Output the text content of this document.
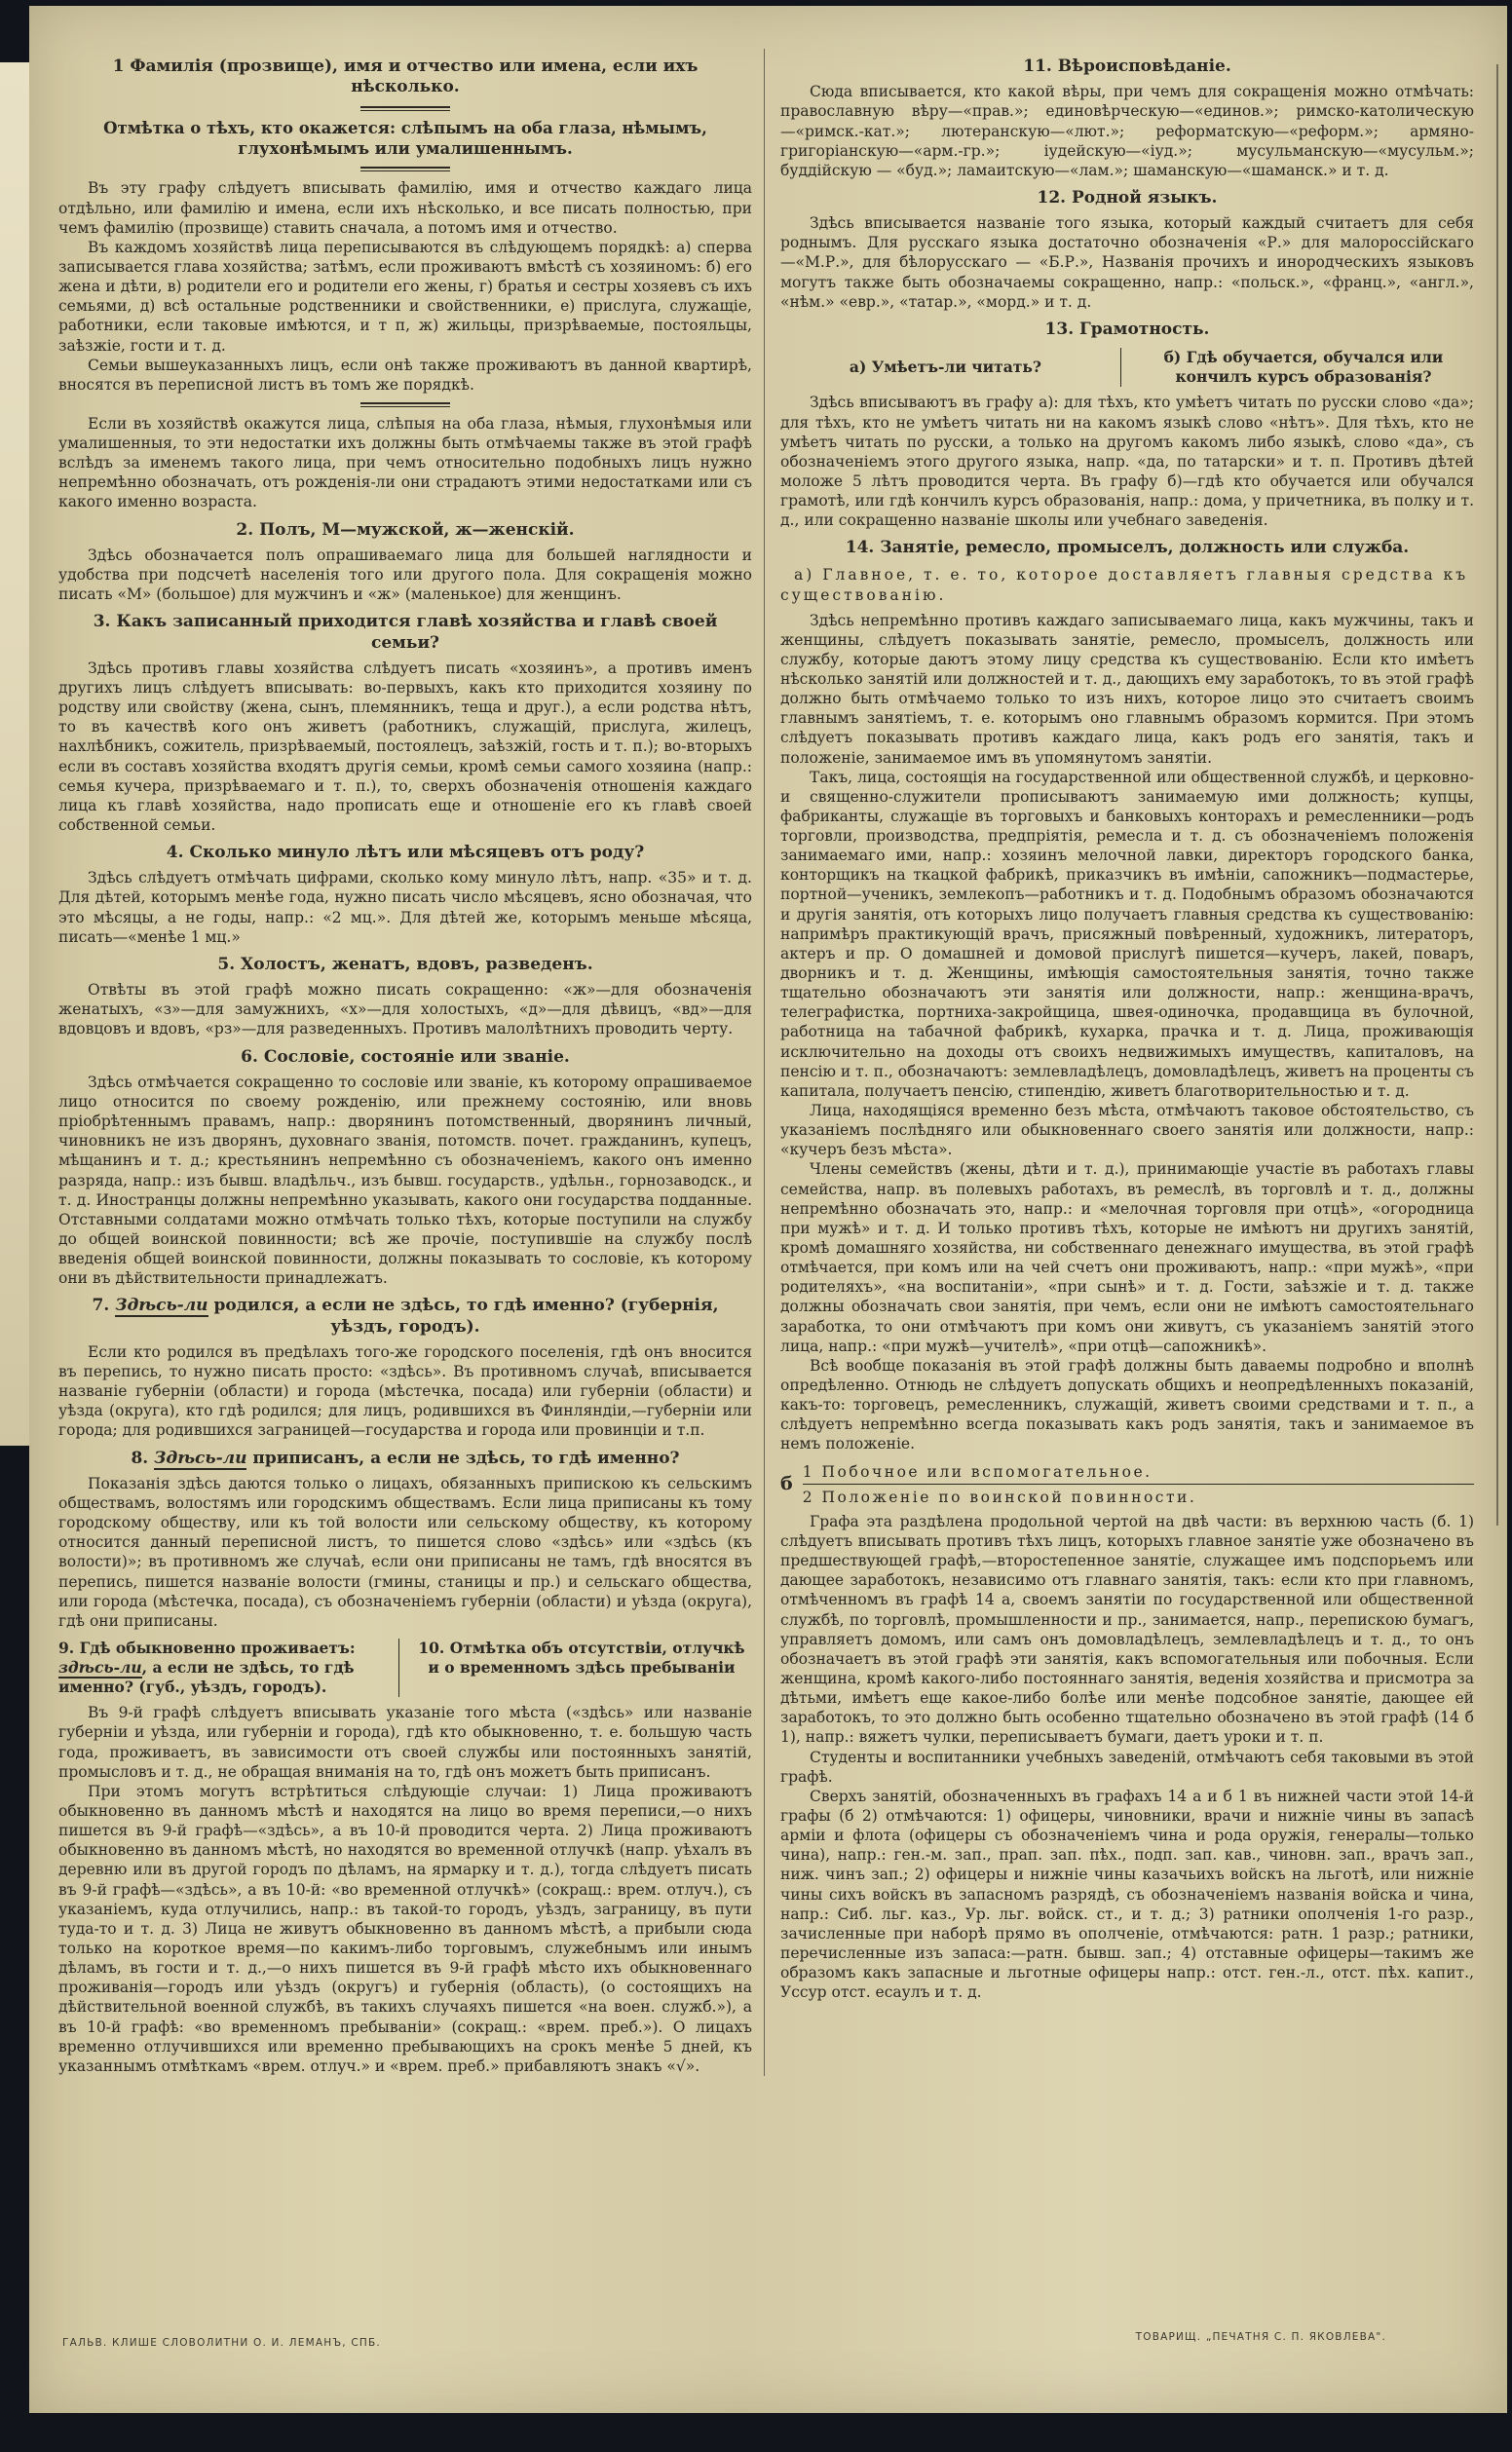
1 Фамилія (прозвище), имя и отчество или имена, если ихъ нѣсколько.
Отмѣтка о тѣхъ, кто окажется: слѣпымъ на оба глаза, нѣмымъ, глухонѣмымъ или умалишеннымъ.

Въ эту графу слѣдуетъ вписывать фамилію, имя и отчество каждаго лица отдѣльно, или фамилію и имена, если ихъ нѣсколько, и все писать полностью, при чемъ фамилію (прозвище) ставить сначала, а потомъ имя и отчество.

Въ каждомъ хозяйствѣ лица переписываются въ слѣдующемъ порядкѣ: а) сперва записывается глава хозяйства; затѣмъ, если проживаютъ вмѣстѣ съ хозяиномъ: б) его жена и дѣти, в) родители его и родители его жены, г) братья и сестры хозяевъ съ ихъ семьями, д) всѣ остальные родственники и свойственники, е) прислуга, служащіе, работники, если таковые имѣются, и т п, ж) жильцы, призрѣваемые, постояльцы, заѣзжіе, гости и т. д.

Семьи вышеуказанныхъ лицъ, если онѣ также проживаютъ въ данной квартирѣ, вносятся въ переписной листъ въ томъ же порядкѣ.

Если въ хозяйствѣ окажутся лица, слѣпыя на оба глаза, нѣмыя, глухонѣмыя или умалишенныя, то эти недостатки ихъ должны быть отмѣчаемы также въ этой графѣ вслѣдъ за именемъ такого лица, при чемъ относительно подобныхъ лицъ нужно непремѣнно обозначать, отъ рожденія-ли они страдаютъ этими недостатками или съ какого именно возраста.

2. Полъ, М—мужской, ж—женскій.

Здѣсь обозначается полъ опрашиваемаго лица для большей наглядности и удобства при подсчетѣ населенія того или другого пола. Для сокращенія можно писать «М» (большое) для мужчинъ и «ж» (маленькое) для женщинъ.

3. Какъ записанный приходится главѣ хозяйства и главѣ своей семьи?

Здѣсь противъ главы хозяйства слѣдуетъ писать «хозяинъ», а противъ именъ другихъ лицъ слѣдуетъ вписывать: во-первыхъ, какъ кто приходится хозяину по родству или свойству (жена, сынъ, племянникъ, теща и друг.), а если родства нѣтъ, то въ качествѣ кого онъ живетъ (работникъ, служащій, прислуга, жилецъ, нахлѣбникъ, сожитель, призрѣваемый, постоялецъ, заѣзжій, гость и т. п.); во-вторыхъ если въ составъ хозяйства входятъ другія семьи, кромѣ семьи самого хозяина (напр.: семья кучера, призрѣваемаго и т. п.), то, сверхъ обозначенія отношенія каждаго лица къ главѣ хозяйства, надо прописать еще и отношеніе его къ главѣ своей собственной семьи.

4. Сколько минуло лѣтъ или мѣсяцевъ отъ роду?

Здѣсь слѣдуетъ отмѣчать цифрами, сколько кому минуло лѣтъ, напр. «35» и т. д. Для дѣтей, которымъ менѣе года, нужно писать число мѣсяцевъ, ясно обозначая, что это мѣсяцы, а не годы, напр.: «2 мц.». Для дѣтей же, которымъ меньше мѣсяца, писать—«менѣе 1 мц.»

5. Холостъ, женатъ, вдовъ, разведенъ.

Отвѣты въ этой графѣ можно писать сокращенно: «ж»—для обозначенія женатыхъ, «з»—для замужнихъ, «х»—для холостыхъ, «д»—для дѣвицъ, «вд»—для вдовцовъ и вдовъ, «рз»—для разведенныхъ. Противъ малолѣтнихъ проводить черту.

6. Сословіе, состояніе или званіе.

Здѣсь отмѣчается сокращенно то сословіе или званіе, къ которому опрашиваемое лицо относится по своему рожденію, или прежнему состоянію, или вновь пріобрѣтеннымъ правамъ, напр.: дворянинъ потомственный, дворянинъ личный, чиновникъ не изъ дворянъ, духовнаго званія, потомств. почет. гражданинъ, купецъ, мѣщанинъ и т. д.; крестьянинъ непремѣнно съ обозначеніемъ, какого онъ именно разряда, напр.: изъ бывш. владѣльч., изъ бывш. государств., удѣльн., горнозаводск., и т. д. Иностранцы должны непремѣнно указывать, какого они государства подданные. Отставными солдатами можно отмѣчать только тѣхъ, которые поступили на службу до общей воинской повинности; всѣ же прочіе, поступившіе на службу послѣ введенія общей воинской повинности, должны показывать то сословіе, къ которому они въ дѣйствительности принадлежатъ.

7. Здѣсь-ли родился, а если не здѣсь, то гдѣ именно? (губернія, уѣздъ, городъ).

Если кто родился въ предѣлахъ того-же городского поселенія, гдѣ онъ вносится въ перепись, то нужно писать просто: «здѣсь». Въ противномъ случаѣ, вписывается названіе губерніи (области) и города (мѣстечка, посада) или губерніи (области) и уѣзда (округа), кто гдѣ родился; для лицъ, родившихся въ Финляндіи,—губерніи или города; для родившихся заграницей—государства и города или провинціи и т.п.

8. Здѣсь-ли приписанъ, а если не здѣсь, то гдѣ именно?

Показанія здѣсь даются только о лицахъ, обязанныхъ припискою къ сельскимъ обществамъ, волостямъ или городскимъ обществамъ. Если лица приписаны къ тому городскому обществу, или къ той волости или сельскому обществу, къ которому относится данный переписной листъ, то пишется слово «здѣсь» или «здѣсь (къ волости)»; въ противномъ же случаѣ, если они приписаны не тамъ, гдѣ вносятся въ перепись, пишется названіе волости (гмины, станицы и пр.) и сельскаго общества, или города (мѣстечка, посада), съ обозначеніемъ губерніи (области) и уѣзда (округа), гдѣ они приписаны.

9. Гдѣ обыкновенно проживаетъ: здѣсь-ли, а если не здѣсь, то гдѣ именно? (губ., уѣздъ, городъ).
10. Отмѣтка объ отсутствіи, отлучкѣ и о временномъ здѣсь пребываніи

Въ 9-й графѣ слѣдуетъ вписывать указаніе того мѣста («здѣсь» или названіе губерніи и уѣзда, или губерніи и города), гдѣ кто обыкновенно, т. е. большую часть года, проживаетъ, въ зависимости отъ своей службы или постоянныхъ занятій, промысловъ и т. д., не обращая вниманія на то, гдѣ онъ можетъ быть приписанъ.

При этомъ могутъ встрѣтиться слѣдующіе случаи: 1) Лица проживаютъ обыкновенно въ данномъ мѣстѣ и находятся на лицо во время переписи,—о нихъ пишется въ 9-й графѣ—«здѣсь», а въ 10-й проводится черта. 2) Лица проживаютъ обыкновенно въ данномъ мѣстѣ, но находятся во временной отлучкѣ (напр. уѣхалъ въ деревню или въ другой городъ по дѣламъ, на ярмарку и т. д.), тогда слѣдуетъ писать въ 9-й графѣ—«здѣсь», а въ 10-й: «во временной отлучкѣ» (сокращ.: врем. отлуч.), съ указаніемъ, куда отлучились, напр.: въ такой-то городъ, уѣздъ, заграницу, въ пути туда-то и т. д. 3) Лица не живутъ обыкновенно въ данномъ мѣстѣ, а прибыли сюда только на короткое время—по какимъ-либо торговымъ, служебнымъ или инымъ дѣламъ, въ гости и т. д.,—о нихъ пишется въ 9-й графѣ мѣсто ихъ обыкновеннаго проживанія—городъ или уѣздъ (округъ) и губернія (область), (о состоящихъ на дѣйствительной военной службѣ, въ такихъ случаяхъ пишется «на воен. служб.»), а въ 10-й графѣ: «во временномъ пребываніи» (сокращ.: «врем. преб.»). О лицахъ временно отлучившихся или временно пребывающихъ на срокъ менѣе 5 дней, къ указаннымъ отмѣткамъ «врем. отлуч.» и «врем. преб.» прибавляютъ знакъ «√».

11. Вѣроисповѣданіе.

Сюда вписывается, кто какой вѣры, при чемъ для сокращенія можно отмѣчать: православную вѣру—«прав.»; единовѣрческую—«единов.»; римско-католическую—«римск.-кат.»; лютеранскую—«лют.»; реформатскую—«реформ.»; армяно-григоріанскую—«арм.-гр.»; іудейскую—«іуд.»; мусульманскую—«мусульм.»; буддійскую — «буд.»; ламаитскую—«лам.»; шаманскую—«шаманск.» и т. д.

12. Родной языкъ.

Здѣсь вписывается названіе того языка, который каждый считаетъ для себя роднымъ. Для русскаго языка достаточно обозначенія «Р.» для малороссійскаго—«М.Р.», для бѣлорусскаго — «Б.Р.», Названія прочихъ и инородческихъ языковъ могутъ также быть обозначаемы сокращенно, напр.: «польск.», «франц.», «англ.», «нѣм.» «евр.», «татар.», «морд.» и т. д.

13. Грамотность.
а) Умѣетъ-ли читать?
б) Гдѣ обучается, обучался или кончилъ курсъ образованія?

Здѣсь вписываютъ въ графу а): для тѣхъ, кто умѣетъ читать по русски слово «да»; для тѣхъ, кто не умѣетъ читать ни на какомъ языкѣ слово «нѣтъ». Для тѣхъ, кто не умѣетъ читать по русски, а только на другомъ какомъ либо языкѣ, слово «да», съ обозначеніемъ этого другого языка, напр. «да, по татарски» и т. п. Противъ дѣтей моложе 5 лѣтъ проводится черта. Въ графу б)—гдѣ кто обучается или обучался грамотѣ, или гдѣ кончилъ курсъ образованія, напр.: дома, у причетника, въ полку и т. д., или сокращенно названіе школы или учебнаго заведенія.

14. Занятіе, ремесло, промыселъ, должность или служба.
а) Главное, т. е. то, которое доставляетъ главныя средства къ существованію.

Здѣсь непремѣнно противъ каждаго записываемаго лица, какъ мужчины, такъ и женщины, слѣдуетъ показывать занятіе, ремесло, промыселъ, должность или службу, которые даютъ этому лицу средства къ существованію. Если кто имѣетъ нѣсколько занятій или должностей и т. д., дающихъ ему заработокъ, то въ этой графѣ должно быть отмѣчаемо только то изъ нихъ, которое лицо это считаетъ своимъ главнымъ занятіемъ, т. е. которымъ оно главнымъ образомъ кормится. При этомъ слѣдуетъ показывать противъ каждаго лица, какъ родъ его занятія, такъ и положеніе, занимаемое имъ въ упомянутомъ занятіи.

Такъ, лица, состоящія на государственной или общественной службѣ, и церковно-и священно-служители прописываютъ занимаемую ими должность; купцы, фабриканты, служащіе въ торговыхъ и банковыхъ конторахъ и ремесленники—родъ торговли, производства, предпріятія, ремесла и т. д. съ обозначеніемъ положенія занимаемаго ими, напр.: хозяинъ мелочной лавки, директоръ городского банка, конторщикъ на ткацкой фабрикѣ, приказчикъ въ имѣніи, сапожникъ—подмастерье, портной—ученикъ, землекопъ—работникъ и т. д. Подобнымъ образомъ обозначаются и другія занятія, отъ которыхъ лицо получаетъ главныя средства къ существованію: напримѣръ практикующій врачъ, присяжный повѣренный, художникъ, литераторъ, актеръ и пр. О домашней и домовой прислугѣ пишется—кучеръ, лакей, поваръ, дворникъ и т. д. Женщины, имѣющія самостоятельныя занятія, точно также тщательно обозначаютъ эти занятія или должности, напр.: женщина-врачъ, телеграфистка, портниха-закройщица, швея-одиночка, продавщица въ булочной, работница на табачной фабрикѣ, кухарка, прачка и т. д. Лица, проживающія исключительно на доходы отъ своихъ недвижимыхъ имуществъ, капиталовъ, на пенсію и т. п., обозначаютъ: землевладѣлецъ, домовладѣлецъ, живетъ на проценты съ капитала, получаетъ пенсію, стипендію, живетъ благотворительностью и т. д.

Лица, находящіяся временно безъ мѣста, отмѣчаютъ таковое обстоятельство, съ указаніемъ послѣдняго или обыкновеннаго своего занятія или должности, напр.: «кучеръ безъ мѣста».

Члены семействъ (жены, дѣти и т. д.), принимающіе участіе въ работахъ главы семейства, напр. въ полевыхъ работахъ, въ ремеслѣ, въ торговлѣ и т. д., должны непремѣнно обозначать это, напр.: и «мелочная торговля при отцѣ», «огородница при мужѣ» и т. д. И только противъ тѣхъ, которые не имѣютъ ни другихъ занятій, кромѣ домашняго хозяйства, ни собственнаго денежнаго имущества, въ этой графѣ отмѣчается, при комъ или на чей счетъ они проживаютъ, напр.: «при мужѣ», «при родителяхъ», «на воспитаніи», «при сынѣ» и т. д. Гости, заѣзжіе и т. д. также должны обозначать свои занятія, при чемъ, если они не имѣютъ самостоятельнаго заработка, то они отмѣчаютъ при комъ они живутъ, съ указаніемъ занятій этого лица, напр.: «при мужѣ—учителѣ», «при отцѣ—сапожникѣ».

Всѣ вообще показанія въ этой графѣ должны быть даваемы подробно и вполнѣ опредѣленно. Отнюдь не слѣдуетъ допускать общихъ и неопредѣленныхъ показаній, какъ-то: торговецъ, ремесленникъ, служащій, живетъ своими средствами и т. п., а слѣдуетъ непремѣнно всегда показывать какъ родъ занятія, такъ и занимаемое въ немъ положеніе.

б
1 Побочное или вспомогательное.
2 Положеніе по воинской повинности.

Графа эта раздѣлена продольной чертой на двѣ части: въ верхнюю часть (б. 1) слѣдуетъ вписывать противъ тѣхъ лицъ, которыхъ главное занятіе уже обозначено въ предшествующей графѣ,—второстепенное занятіе, служащее имъ подспорьемъ или дающее заработокъ, независимо отъ главнаго занятія, такъ: если кто при главномъ, отмѣченномъ въ графѣ 14 а, своемъ занятіи по государственной или общественной службѣ, по торговлѣ, промышленности и пр., занимается, напр., перепискою бумагъ, управляетъ домомъ, или самъ онъ домовладѣлецъ, землевладѣлецъ и т. д., то онъ обозначаетъ въ этой графѣ эти занятія, какъ вспомогательныя или побочныя. Если женщина, кромѣ какого-либо постояннаго занятія, веденія хозяйства и присмотра за дѣтьми, имѣетъ еще какое-либо болѣе или менѣе подсобное занятіе, дающее ей заработокъ, то это должно быть особенно тщательно обозначено въ этой графѣ (14 б 1), напр.: вяжетъ чулки, переписываетъ бумаги, даетъ уроки и т. п.

Студенты и воспитанники учебныхъ заведеній, отмѣчаютъ себя таковыми въ этой графѣ.

Сверхъ занятій, обозначенныхъ въ графахъ 14 а и б 1 въ нижней части этой 14-й графы (б 2) отмѣчаются: 1) офицеры, чиновники, врачи и нижніе чины въ запасѣ арміи и флота (офицеры съ обозначеніемъ чина и рода оружія, генералы—только чина), напр.: ген.-м. зап., прап. зап. пѣх., подп. зап. кав., чиновн. зап., врачъ зап., ниж. чинъ зап.; 2) офицеры и нижніе чины казачьихъ войскъ на льготѣ, или нижніе чины сихъ войскъ въ запасномъ разрядѣ, съ обозначеніемъ названія войска и чина, напр.: Сиб. льг. каз., Ур. льг. войск. ст., и т. д.; 3) ратники ополченія 1-го разр., зачисленные при наборѣ прямо въ ополченіе, отмѣчаются: ратн. 1 разр.; ратники, перечисленные изъ запаса:—ратн. бывш. зап.; 4) отставные офицеры—такимъ же образомъ какъ запасные и льготные офицеры напр.: отст. ген.-л., отст. пѣх. капит., Уссур отст. есаулъ и т. д.

ГАЛЬВ. КЛИШЕ СЛОВОЛИТНИ О. И. ЛЕМАНЪ, СПБ.	ТОВАРИЩ. „ПЕЧАТНЯ С. П. ЯКОВЛЕВА".
